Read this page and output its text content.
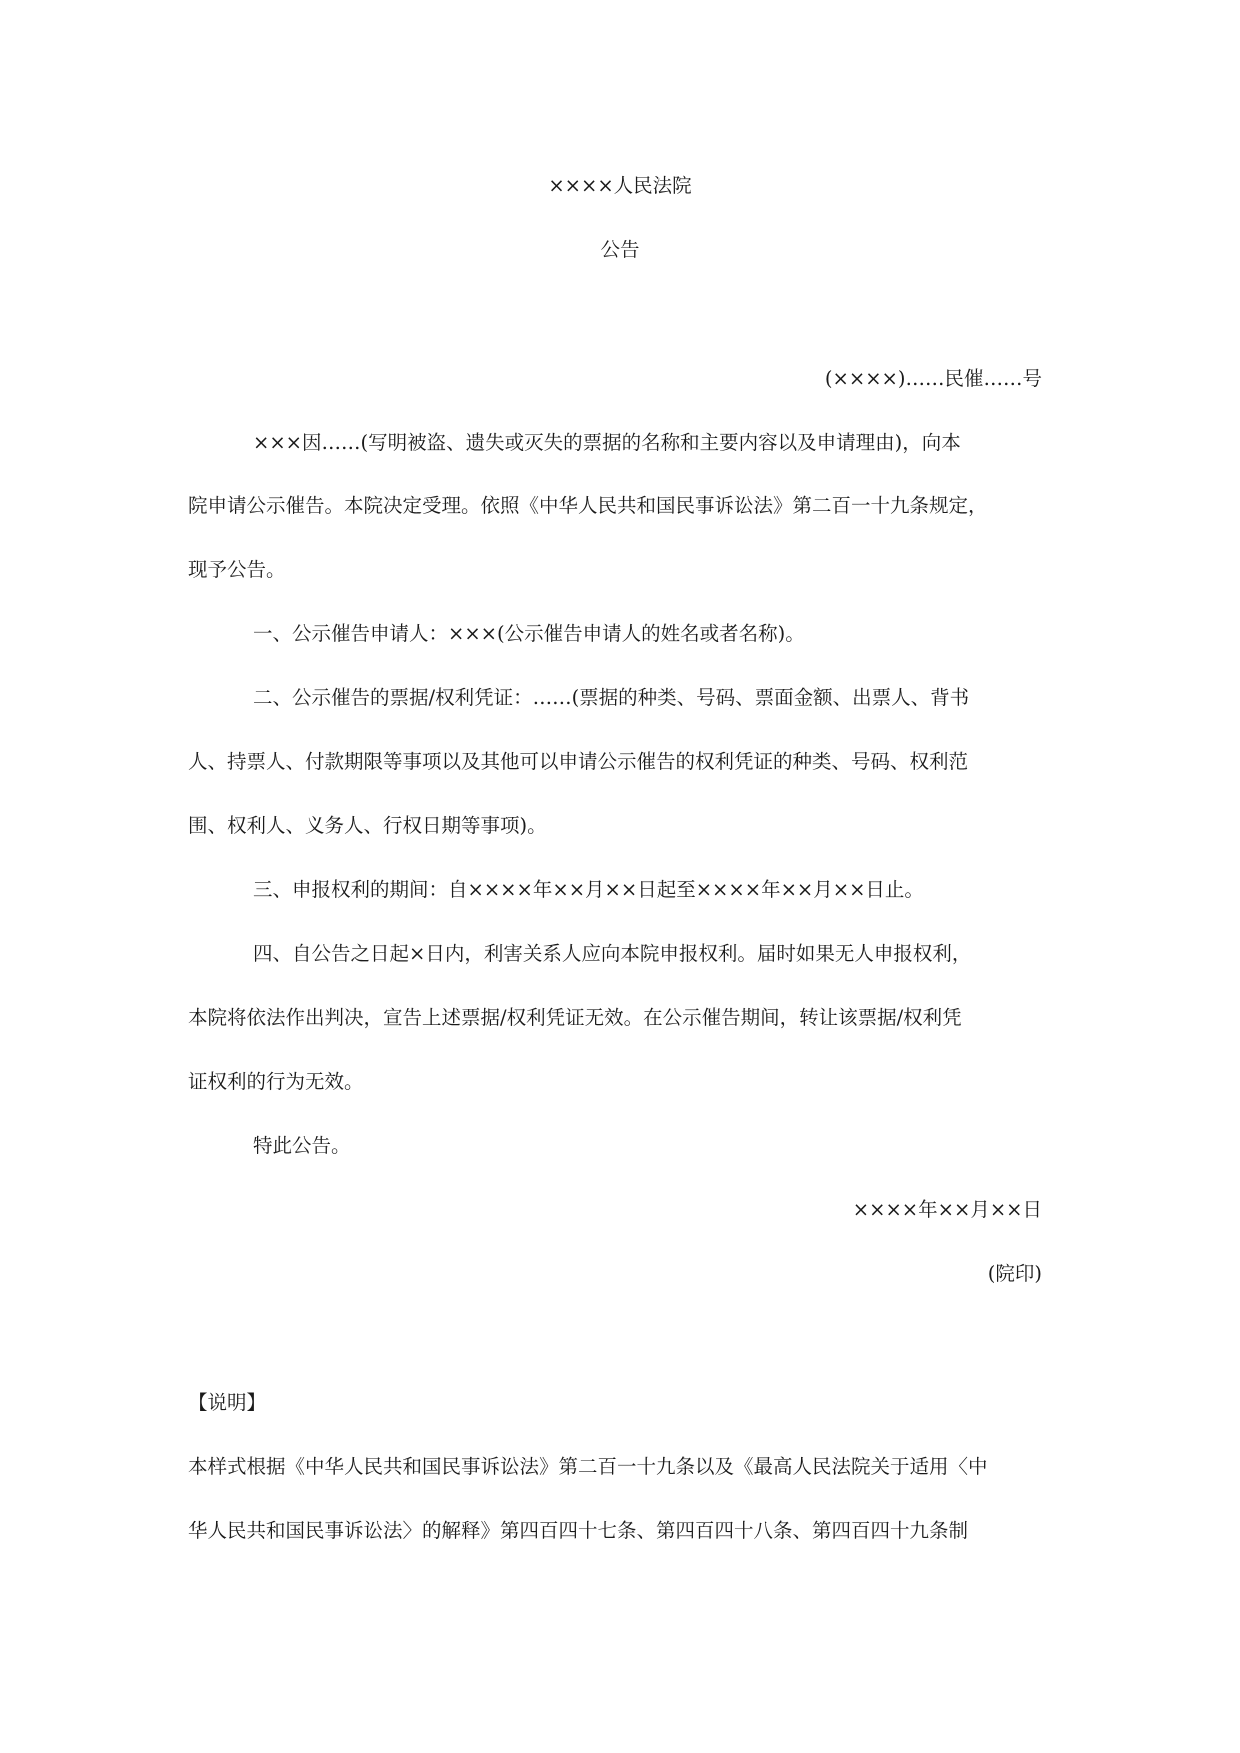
××××人民法院

公告

(××××)……民催……号

×××因……(写明被盗、遗失或灭失的票据的名称和主要内容以及申请理由)，向本

院申请公示催告。本院决定受理。依照《中华人民共和国民事诉讼法》第二百一十九条规定，

现予公告。

一、公示催告申请人：×××(公示催告申请人的姓名或者名称)。

二、公示催告的票据/权利凭证：……(票据的种类、号码、票面金额、出票人、背书

人、持票人、付款期限等事项以及其他可以申请公示催告的权利凭证的种类、号码、权利范

围、权利人、义务人、行权日期等事项)。

三、申报权利的期间：自××××年××月××日起至××××年××月××日止。

四、自公告之日起×日内，利害关系人应向本院申报权利。届时如果无人申报权利，

本院将依法作出判决，宣告上述票据/权利凭证无效。在公示催告期间，转让该票据/权利凭

证权利的行为无效。

特此公告。

××××年××月××日

(院印)

【说明】

本样式根据《中华人民共和国民事诉讼法》第二百一十九条以及《最高人民法院关于适用〈中

华人民共和国民事诉讼法〉的解释》第四百四十七条、第四百四十八条、第四百四十九条制
